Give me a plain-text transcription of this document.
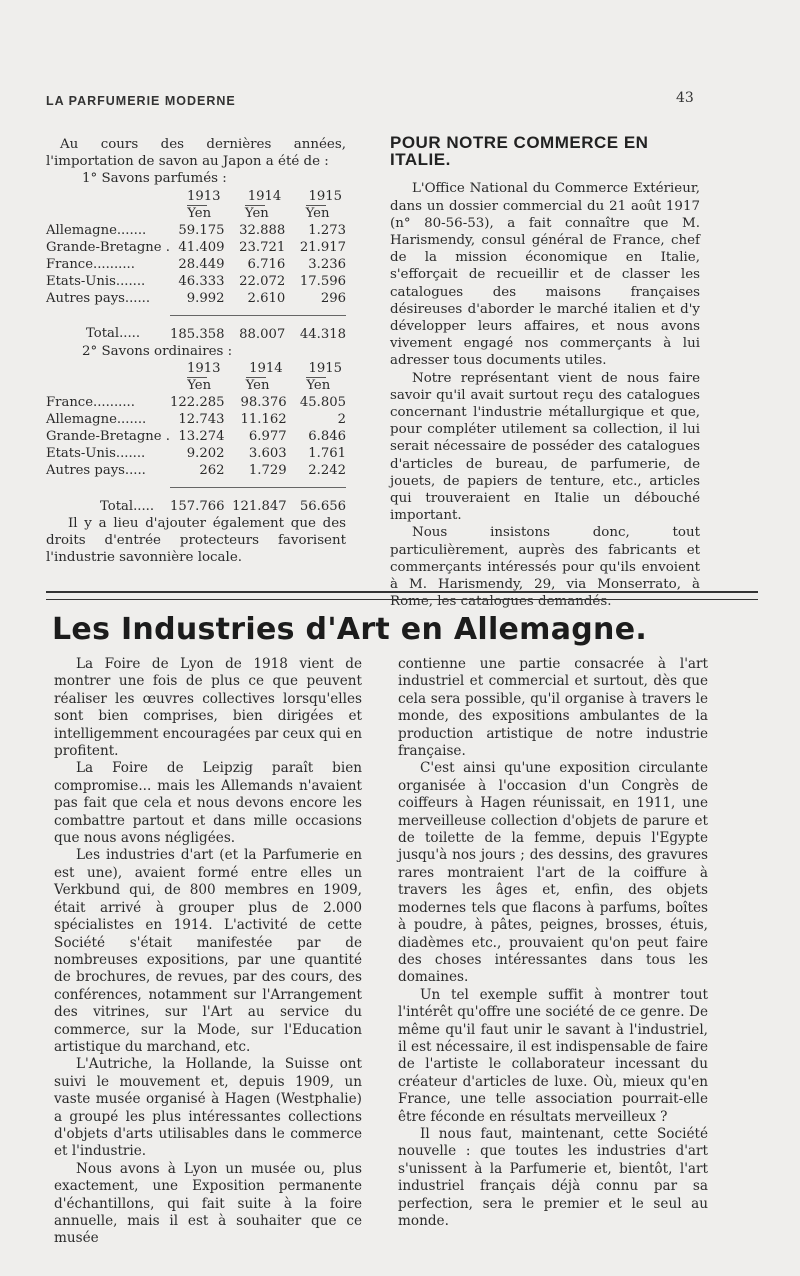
LA PARFUMERIE MODERNE	43

Au cours des dernières années, l'importation de savon au Japon a été de :

1° Savons parfumés :

	1913	1914	1915
	Yen	Yen	Yen
Allemagne.......	59.175	32.888	1.273
Grande-Bretagne .	41.409	23.721	21.917
France..........	28.449	6.716	3.236
Etats-Unis.......	46.333	22.072	17.596
Autres pays......	9.992	2.610	296

Total.....	185.358	88.007	44.318

2° Savons ordinaires :

	1913	1914	1915
	Yen	Yen	Yen
France..........	122.285	98.376	45.805
Allemagne.......	12.743	11.162	2
Grande-Bretagne .	13.274	6.977	6.846
Etats-Unis.......	9.202	3.603	1.761
Autres pays.....	262	1.729	2.242

Total.....	157.766	121.847	56.656

Il y a lieu d'ajouter également que des droits d'entrée protecteurs favorisent l'industrie savonnière locale.

POUR NOTRE COMMERCE EN ITALIE.

L'Office National du Commerce Extérieur, dans un dossier commercial du 21 août 1917 (n° 80-56-53), a fait connaître que M. Harismendy, consul général de France, chef de la mission économique en Italie, s'efforçait de recueillir et de classer les catalogues des maisons françaises désireuses d'aborder le marché italien et d'y développer leurs affaires, et nous avons vivement engagé nos commerçants à lui adresser tous documents utiles.

Notre représentant vient de nous faire savoir qu'il avait surtout reçu des catalogues concernant l'industrie métallurgique et que, pour compléter utilement sa collection, il lui serait nécessaire de posséder des catalogues d'articles de bureau, de parfumerie, de jouets, de papiers de tenture, etc., articles qui trouveraient en Italie un débouché important.

Nous insistons donc, tout particulièrement, auprès des fabricants et commerçants intéressés pour qu'ils envoient à M. Harismendy, 29, via Monserrato, à Rome, les catalogues demandés.

Les Industries d'Art en Allemagne.

La Foire de Lyon de 1918 vient de montrer une fois de plus ce que peuvent réaliser les œuvres collectives lorsqu'elles sont bien comprises, bien dirigées et intelligemment encouragées par ceux qui en profitent.

La Foire de Leipzig paraît bien compromise... mais les Allemands n'avaient pas fait que cela et nous devons encore les combattre partout et dans mille occasions que nous avons négligées.

Les industries d'art (et la Parfumerie en est une), avaient formé entre elles un Verkbund qui, de 800 membres en 1909, était arrivé à grouper plus de 2.000 spécialistes en 1914. L'activité de cette Société s'était manifestée par de nombreuses expositions, par une quantité de brochures, de revues, par des cours, des conférences, notamment sur l'Arrangement des vitrines, sur l'Art au service du commerce, sur la Mode, sur l'Education artistique du marchand, etc.

L'Autriche, la Hollande, la Suisse ont suivi le mouvement et, depuis 1909, un vaste musée organisé à Hagen (Westphalie) a groupé les plus intéressantes collections d'objets d'arts utilisables dans le commerce et l'industrie.

Nous avons à Lyon un musée ou, plus exactement, une Exposition permanente d'échantillons, qui fait suite à la foire annuelle, mais il est à souhaiter que ce musée

contienne une partie consacrée à l'art industriel et commercial et surtout, dès que cela sera possible, qu'il organise à travers le monde, des expositions ambulantes de la production artistique de notre industrie française.

C'est ainsi qu'une exposition circulante organisée à l'occasion d'un Congrès de coiffeurs à Hagen réunissait, en 1911, une merveilleuse collection d'objets de parure et de toilette de la femme, depuis l'Egypte jusqu'à nos jours ; des dessins, des gravures rares montraient l'art de la coiffure à travers les âges et, enfin, des objets modernes tels que flacons à parfums, boîtes à poudre, à pâtes, peignes, brosses, étuis, diadèmes etc., prouvaient qu'on peut faire des choses intéressantes dans tous les domaines.

Un tel exemple suffit à montrer tout l'intérêt qu'offre une société de ce genre. De même qu'il faut unir le savant à l'industriel, il est nécessaire, il est indispensable de faire de l'artiste le collaborateur incessant du créateur d'articles de luxe. Où, mieux qu'en France, une telle association pourrait-elle être féconde en résultats merveilleux ?

Il nous faut, maintenant, cette Société nouvelle : que toutes les industries d'art s'unissent à la Parfumerie et, bientôt, l'art industriel français déjà connu par sa perfection, sera le premier et le seul au monde.
